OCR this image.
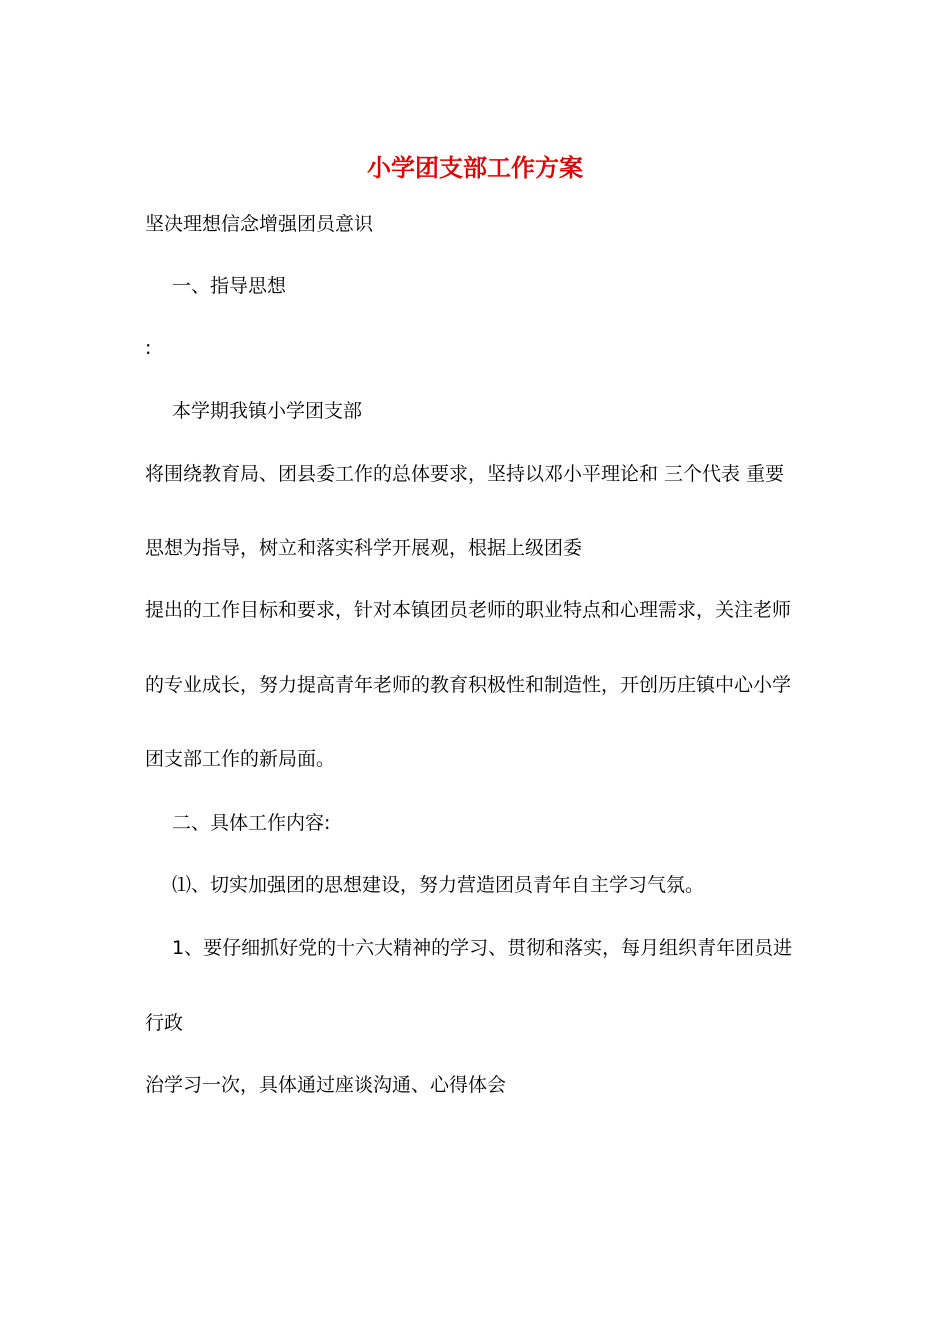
小学团支部工作方案
坚决理想信念增强团员意识
一、指导思想
:
本学期我镇小学团支部
将围绕教育局、团县委工作的总体要求，坚持以邓小平理论和 三个代表 重要
思想为指导，树立和落实科学开展观，根据上级团委
提出的工作目标和要求，针对本镇团员老师的职业特点和心理需求，关注老师
的专业成长，努力提高青年老师的教育积极性和制造性，开创历庄镇中心小学
团支部工作的新局面。
二、具体工作内容:
⑴、切实加强团的思想建设，努力营造团员青年自主学习气氛。
1、要仔细抓好党的十六大精神的学习、贯彻和落实，每月组织青年团员进
行政
治学习一次，具体通过座谈沟通、心得体会
